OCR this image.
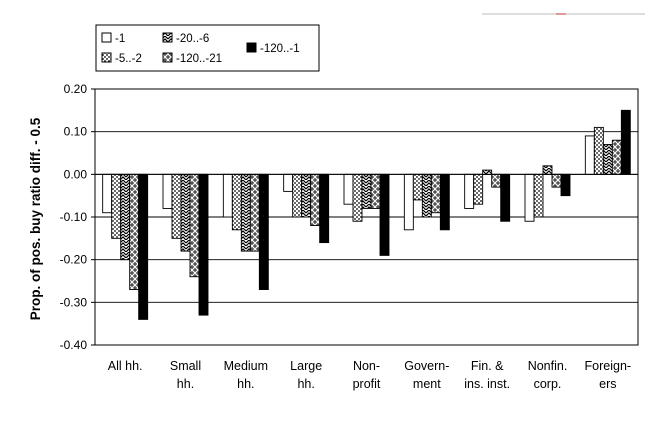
-1
-5..-2
-20..-6
-120..-21
-120..-1
Prop. of pos. buy ratio diff. - 0.5
0.20
0.10
0.00
-0.10
-0.20
-0.30
-0.40
All hh. Small hh.
Medium hh.
Large hh.
Non-profit
Govern-ment
Fin. & ins. inst.
Nonfin. corp.
Foreign-ers
